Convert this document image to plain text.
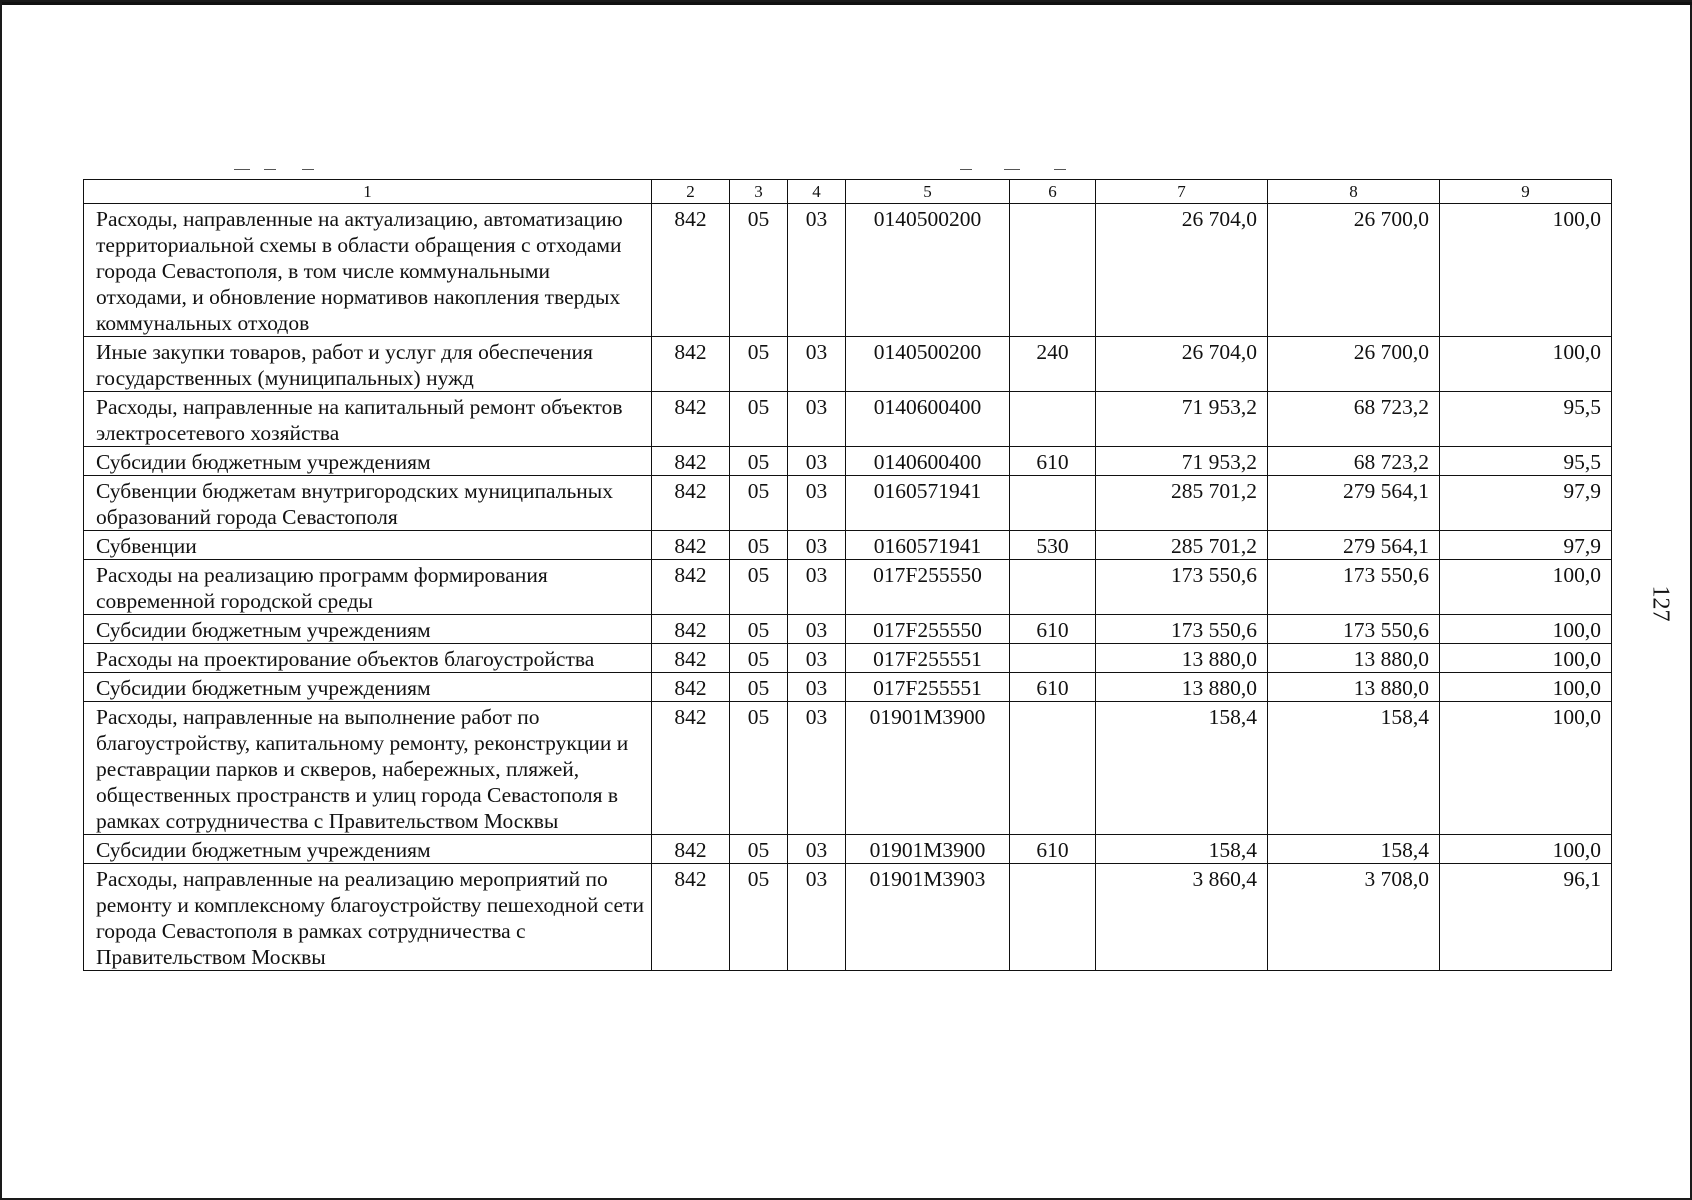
1	2	3	4	5	6	7	8	9
Расходы, направленные на актуализацию, автоматизацию территориальной схемы в области обращения с отходами города Севастополя, в том числе коммунальными отходами, и обновление нормативов накопления твердых коммунальных отходов	842	05	03	0140500200		26 704,0	26 700,0	100,0
Иные закупки товаров, работ и услуг для обеспечения государственных (муниципальных) нужд	842	05	03	0140500200	240	26 704,0	26 700,0	100,0
Расходы, направленные на капитальный ремонт объектов электросетевого хозяйства	842	05	03	0140600400		71 953,2	68 723,2	95,5
Субсидии бюджетным учреждениям	842	05	03	0140600400	610	71 953,2	68 723,2	95,5
Субвенции бюджетам внутригородских муниципальных образований города Севастополя	842	05	03	0160571941		285 701,2	279 564,1	97,9
Субвенции	842	05	03	0160571941	530	285 701,2	279 564,1	97,9
Расходы на реализацию программ формирования современной городской среды	842	05	03	017F255550		173 550,6	173 550,6	100,0
Субсидии бюджетным учреждениям	842	05	03	017F255550	610	173 550,6	173 550,6	100,0
Расходы на проектирование объектов благоустройства	842	05	03	017F255551		13 880,0	13 880,0	100,0
Субсидии бюджетным учреждениям	842	05	03	017F255551	610	13 880,0	13 880,0	100,0
Расходы, направленные на выполнение работ по благоустройству, капитальному ремонту, реконструкции и реставрации парков и скверов, набережных, пляжей, общественных пространств и улиц города Севастополя в рамках сотрудничества с Правительством Москвы	842	05	03	01901М3900		158,4	158,4	100,0
Субсидии бюджетным учреждениям	842	05	03	01901М3900	610	158,4	158,4	100,0
Расходы, направленные на реализацию мероприятий по ремонту и комплексному благоустройству пешеходной сети города Севастополя в рамках сотрудничества с Правительством Москвы	842	05	03	01901М3903		3 860,4	3 708,0	96,1
127
